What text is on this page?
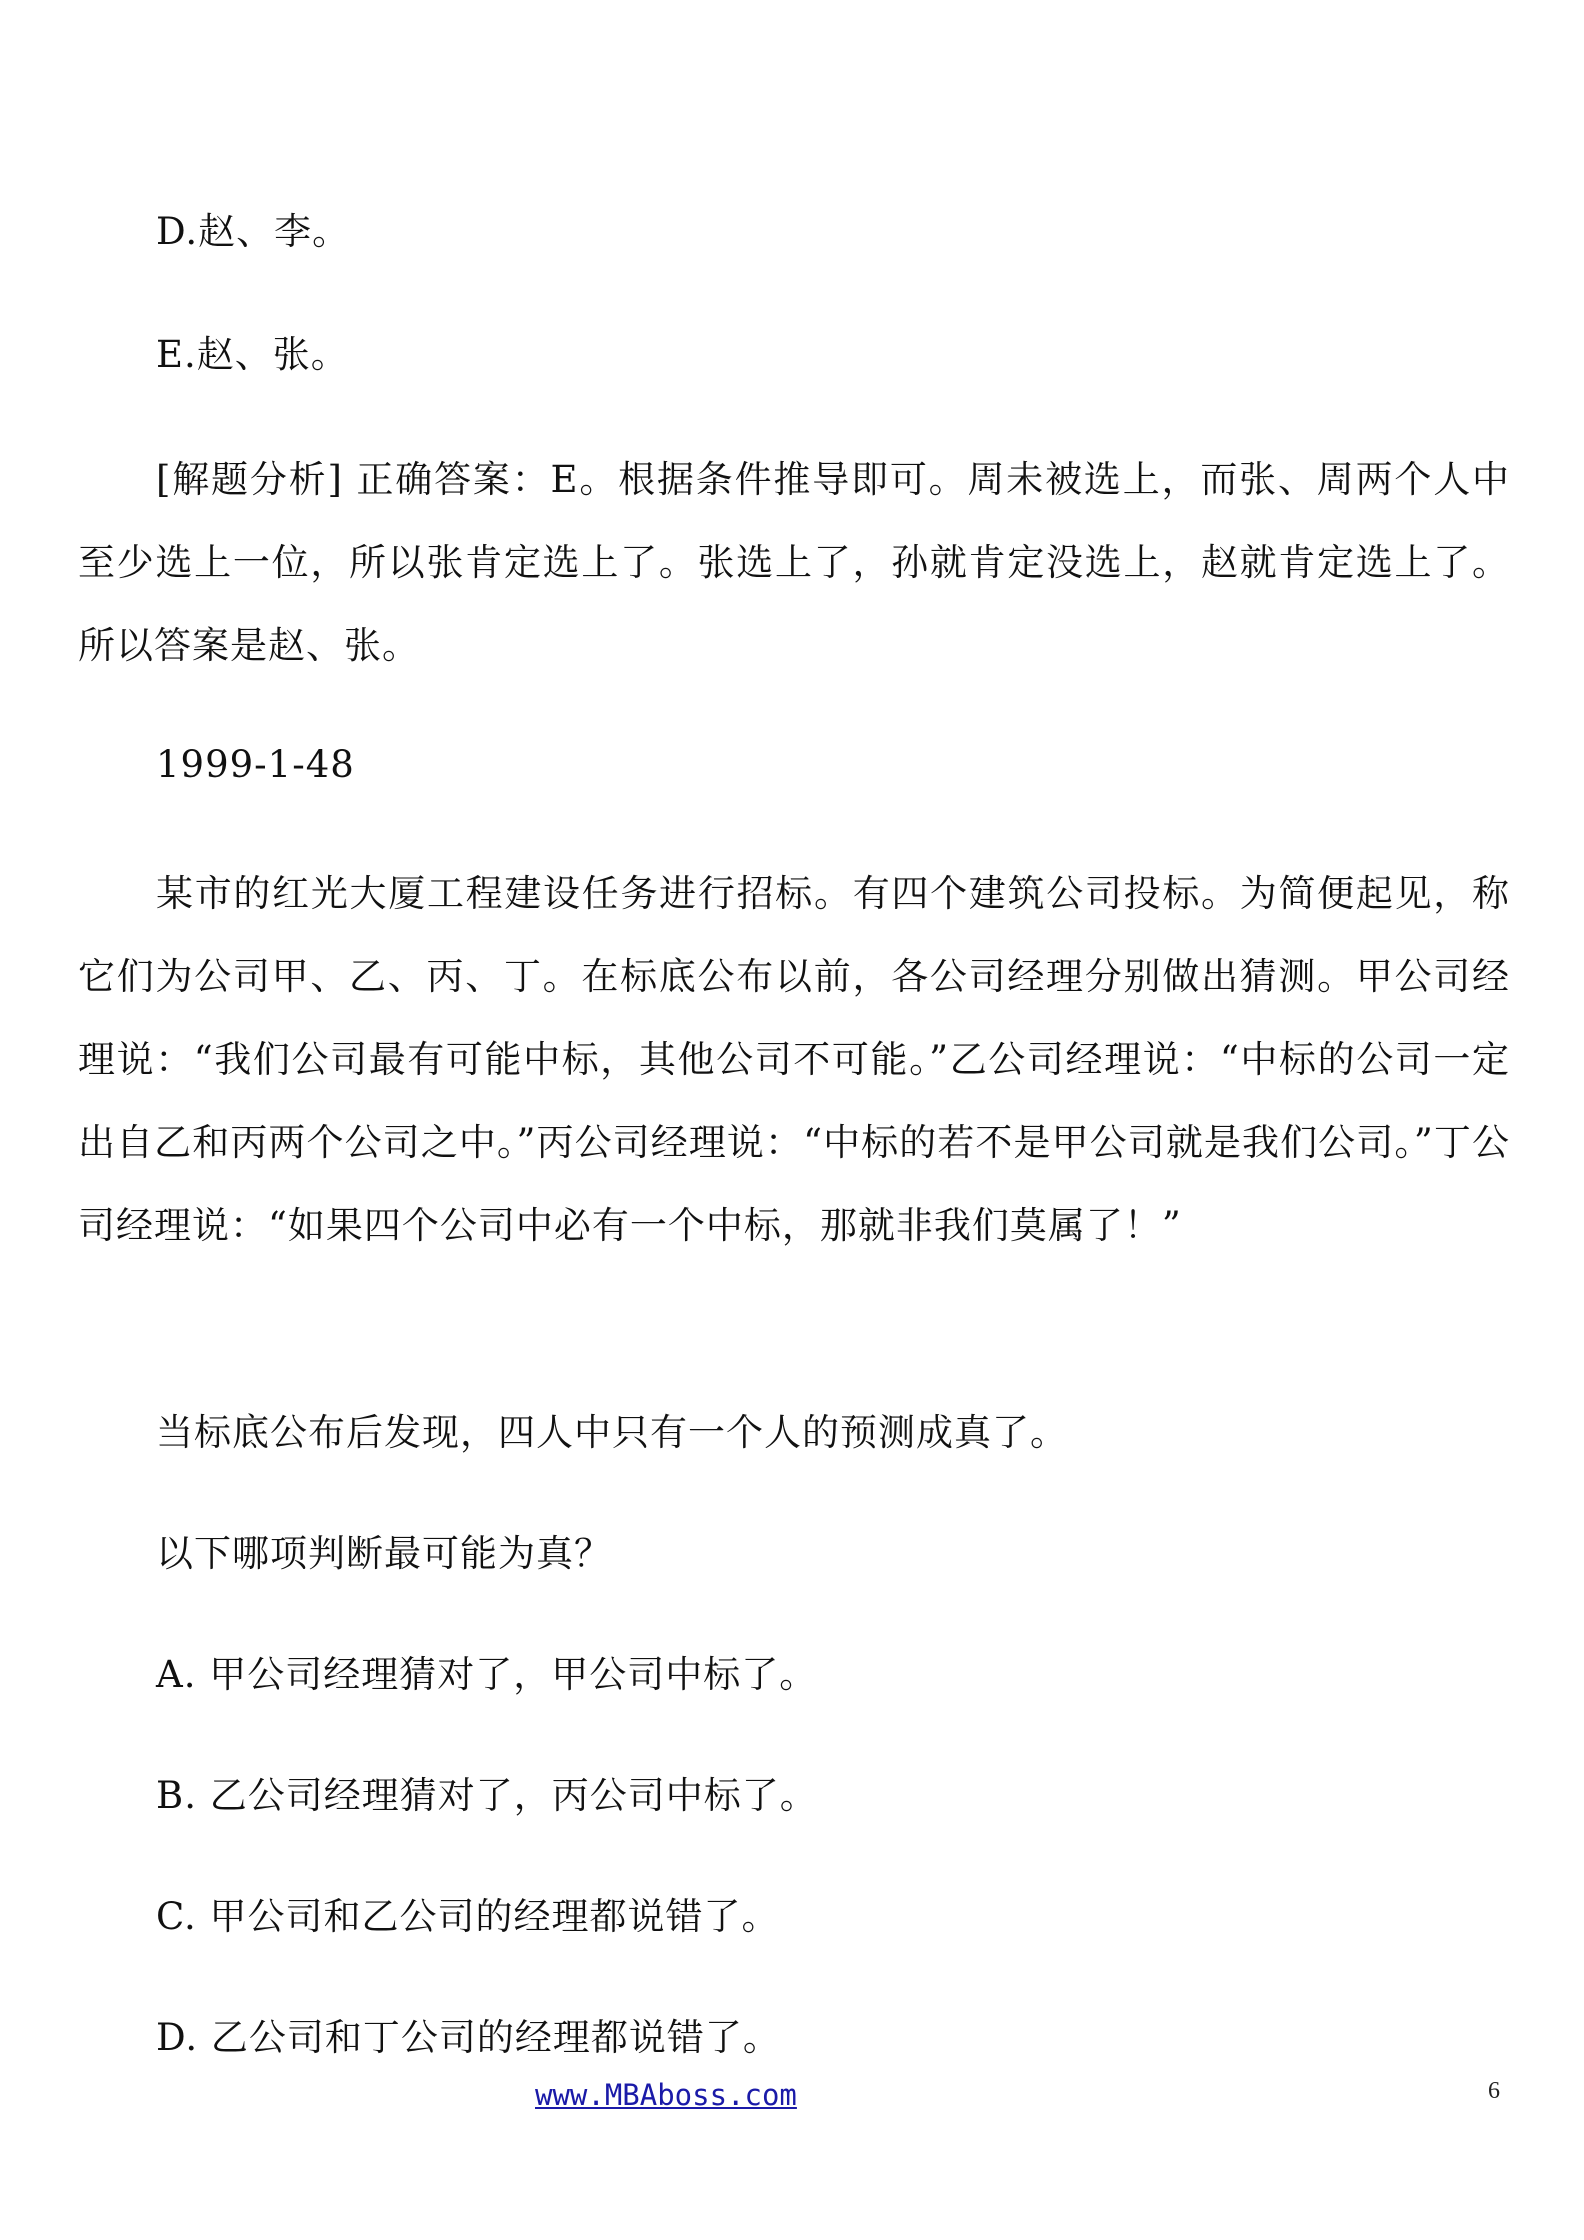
D.赵、李。
E.赵、张。
[解题分析] 正确答案：E。根据条件推导即可。周未被选上，而张、周两个人中至少选上一位，所以张肯定选上了。张选上了，孙就肯定没选上，赵就肯定选上了。所以答案是赵、张。
1999-1-48
某市的红光大厦工程建设任务进行招标。有四个建筑公司投标。为简便起见，称它们为公司甲、乙、丙、丁。在标底公布以前，各公司经理分别做出猜测。甲公司经理说：“我们公司最有可能中标，其他公司不可能。”乙公司经理说：“中标的公司一定出自乙和丙两个公司之中。”丙公司经理说：“中标的若不是甲公司就是我们公司。”丁公司经理说：“如果四个公司中必有一个中标，那就非我们莫属了！”
当标底公布后发现，四人中只有一个人的预测成真了。
以下哪项判断最可能为真？
A. 甲公司经理猜对了，甲公司中标了。
B. 乙公司经理猜对了，丙公司中标了。
C. 甲公司和乙公司的经理都说错了。
D. 乙公司和丁公司的经理都说错了。
www.MBAboss.com	6
